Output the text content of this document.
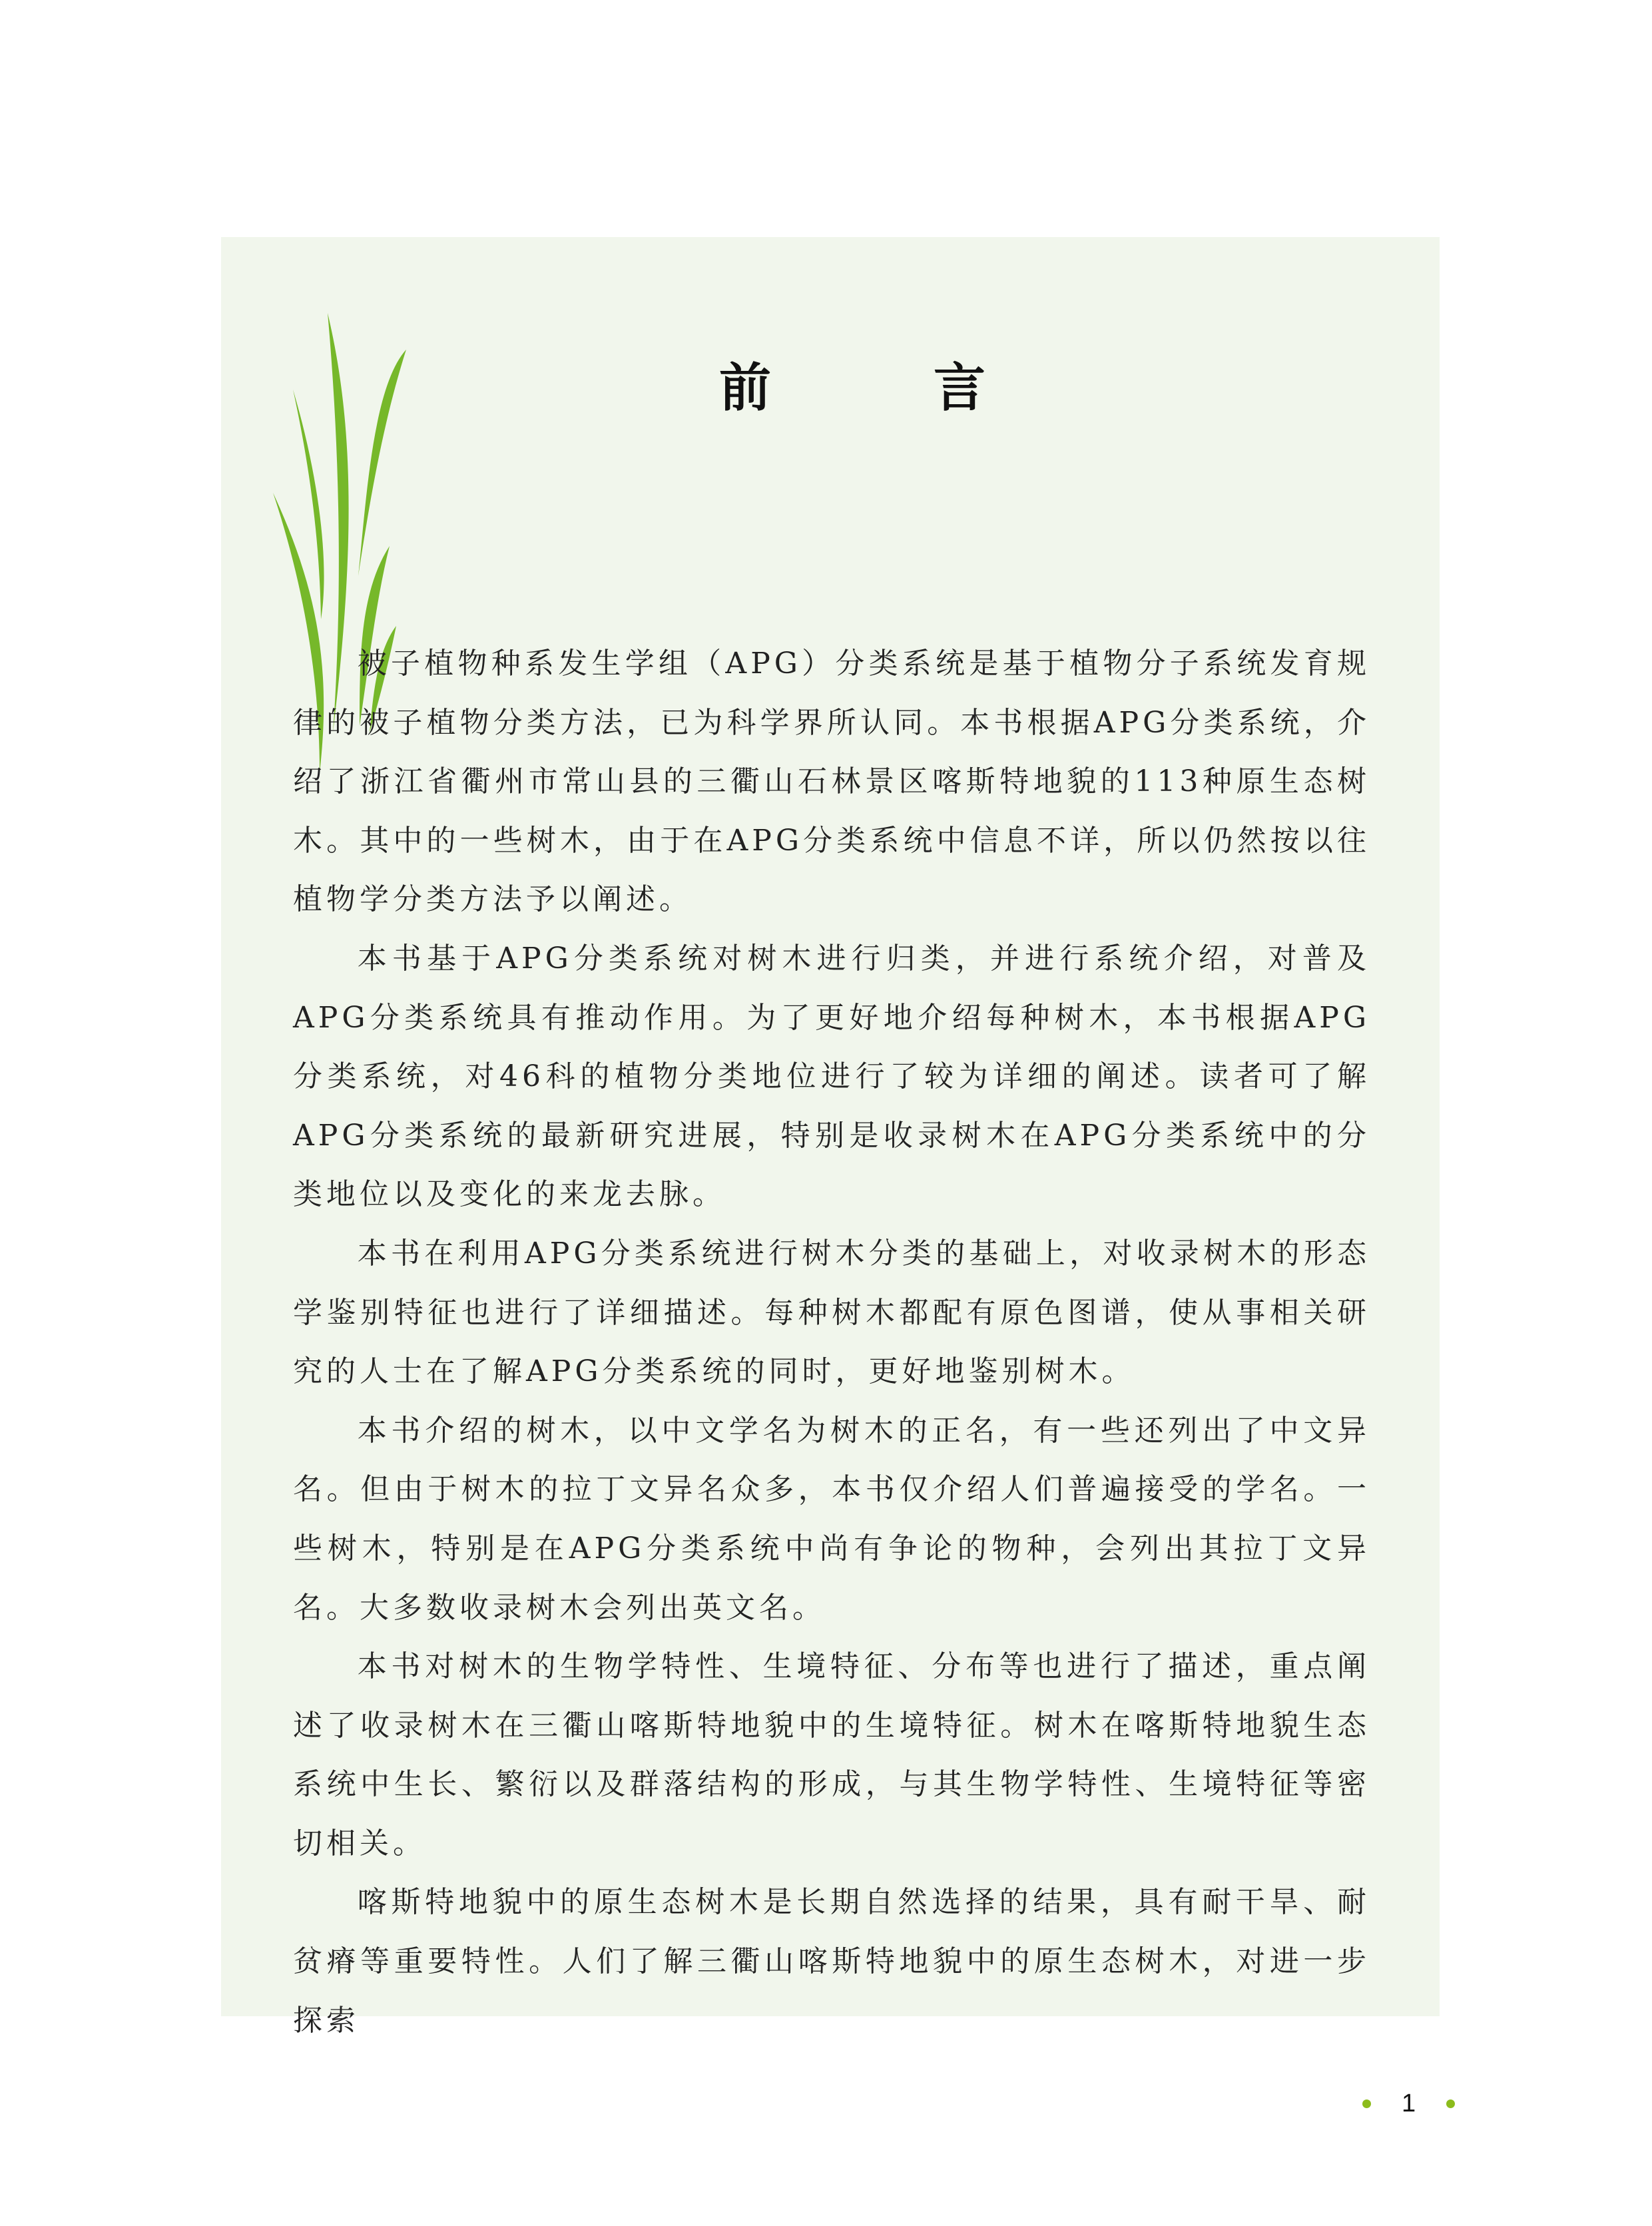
前	言

被子植物种系发生学组（APG）分类系统是基于植物分子系统发育规律的被子植物分类方法，已为科学界所认同。本书根据APG分类系统，介绍了浙江省衢州市常山县的三衢山石林景区喀斯特地貌的113种原生态树木。其中的一些树木，由于在APG分类系统中信息不详，所以仍然按以往植物学分类方法予以阐述。

本书基于APG分类系统对树木进行归类，并进行系统介绍，对普及APG分类系统具有推动作用。为了更好地介绍每种树木，本书根据APG分类系统，对46科的植物分类地位进行了较为详细的阐述。读者可了解APG分类系统的最新研究进展，特别是收录树木在APG分类系统中的分类地位以及变化的来龙去脉。

本书在利用APG分类系统进行树木分类的基础上，对收录树木的形态学鉴别特征也进行了详细描述。每种树木都配有原色图谱，使从事相关研究的人士在了解APG分类系统的同时，更好地鉴别树木。

本书介绍的树木，以中文学名为树木的正名，有一些还列出了中文异名。但由于树木的拉丁文异名众多，本书仅介绍人们普遍接受的学名。一些树木，特别是在APG分类系统中尚有争论的物种，会列出其拉丁文异名。大多数收录树木会列出英文名。

本书对树木的生物学特性、生境特征、分布等也进行了描述，重点阐述了收录树木在三衢山喀斯特地貌中的生境特征。树木在喀斯特地貌生态系统中生长、繁衍以及群落结构的形成，与其生物学特性、生境特征等密切相关。

喀斯特地貌中的原生态树木是长期自然选择的结果，具有耐干旱、耐贫瘠等重要特性。人们了解三衢山喀斯特地貌中的原生态树木，对进一步探索

1
